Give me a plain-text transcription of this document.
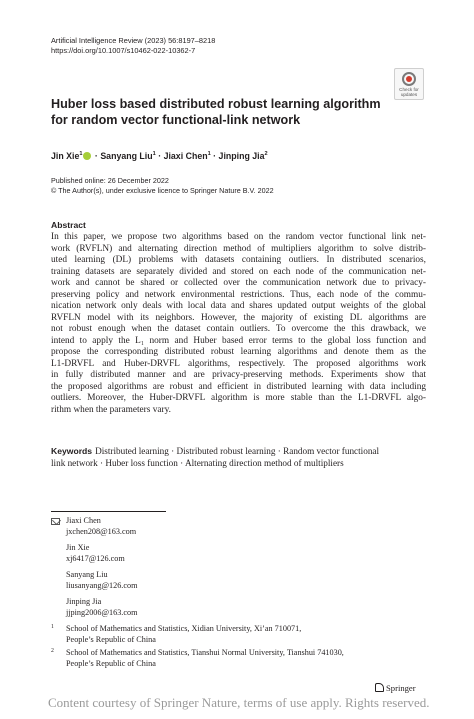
Artificial Intelligence Review (2023) 56:8197–8218
https://doi.org/10.1007/s10462-022-10362-7
Check for updates
Huber loss based distributed robust learning algorithm for random vector functional-link network
Jin Xie$^1$ · Sanyang Liu$^1$ · Jiaxi Chen$^1$ · Jinping Jia$^2$
Published online: 26 December 2022
© The Author(s), under exclusive licence to Springer Nature B.V. 2022
Abstract
In this paper, we propose two algorithms based on the random vector functional link net-
work (RVFLN) and alternating direction method of multipliers algorithm to solve distrib-
uted learning (DL) problems with datasets containing outliers. In distributed scenarios,
training datasets are separately divided and stored on each node of the communication net-
work and cannot be shared or collected over the communication network due to privacy-
preserving policy and network environmental restrictions. Thus, each node of the commu-
nication network only deals with local data and shares updated output weights of the global
RVFLN model with its neighbors. However, the majority of existing DL algorithms are
not robust enough when the dataset contain outliers. To overcome the this drawback, we
intend to apply the L₁ norm and Huber based error terms to the global loss function and
propose the corresponding distributed robust learning algorithms and denote them as the
L1-DRVFL and Huber-DRVFL algorithms, respectively. The proposed algorithms work
in fully distributed manner and are privacy-preserving methods. Experiments show that
the proposed algorithms are robust and efficient in distributed learning with data including
outliers. Moreover, the Huber-DRVFL algorithm is more stable than the L1-DRVFL algo-
rithm when the parameters vary.
Keywords Distributed learning · Distributed robust learning · Random vector functional
link network · Huber loss function · Alternating direction method of multipliers
Jiaxi Chen
jxchen208@163.com
Jin Xie
xj6417@126.com
Sanyang Liu
liusanyang@126.com
Jinping Jia
jjping2006@163.com
1 School of Mathematics and Statistics, Xidian University, Xi’an 710071,
People’s Republic of China
2 School of Mathematics and Statistics, Tianshui Normal University, Tianshui 741030,
People’s Republic of China
Springer
Content courtesy of Springer Nature, terms of use apply. Rights reserved.
